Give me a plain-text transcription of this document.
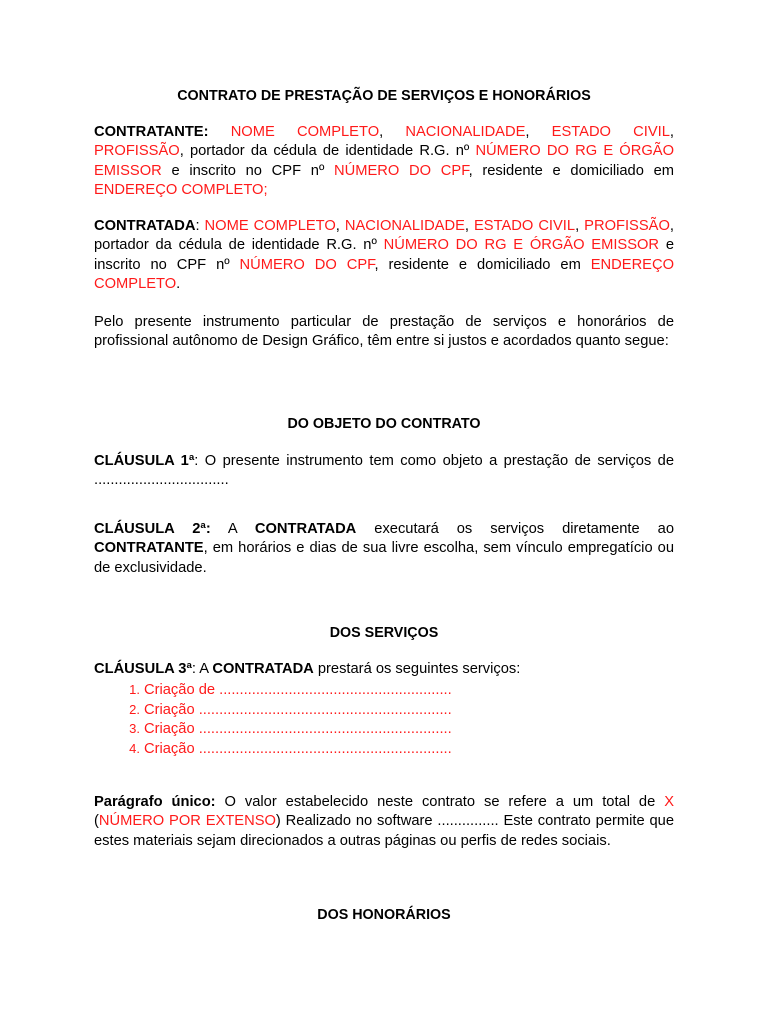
CONTRATO DE PRESTAÇÃO DE SERVIÇOS E HONORÁRIOS

CONTRATANTE: NOME COMPLETO, NACIONALIDADE, ESTADO CIVIL, PROFISSÃO, portador da cédula de identidade R.G. nº NÚMERO DO RG E ÓRGÃO EMISSOR e inscrito no CPF nº NÚMERO DO CPF, residente e domiciliado em ENDEREÇO COMPLETO;

CONTRATADA: NOME COMPLETO, NACIONALIDADE, ESTADO CIVIL, PROFISSÃO, portador da cédula de identidade R.G. nº NÚMERO DO RG E ÓRGÃO EMISSOR e inscrito no CPF nº NÚMERO DO CPF, residente e domiciliado em ENDEREÇO COMPLETO.

Pelo presente instrumento particular de prestação de serviços e honorários de profissional autônomo de Design Gráfico, têm entre si justos e acordados quanto segue:

DO OBJETO DO CONTRATO

CLÁUSULA 1ª: O presente instrumento tem como objeto a prestação de serviços de .................................

CLÁUSULA 2ª: A CONTRATADA executará os serviços diretamente ao CONTRATANTE, em horários e dias de sua livre escolha, sem vínculo empregatício ou de exclusividade.

DOS SERVIÇOS

CLÁUSULA 3ª: A CONTRATADA prestará os seguintes serviços:

1. Criação de .........................................................
2. Criação ..............................................................
3. Criação ..............................................................
4. Criação ..............................................................

Parágrafo único: O valor estabelecido neste contrato se refere a um total de X (NÚMERO POR EXTENSO) Realizado no software ............... Este contrato permite que estes materiais sejam direcionados a outras páginas ou perfis de redes sociais.

DOS HONORÁRIOS
